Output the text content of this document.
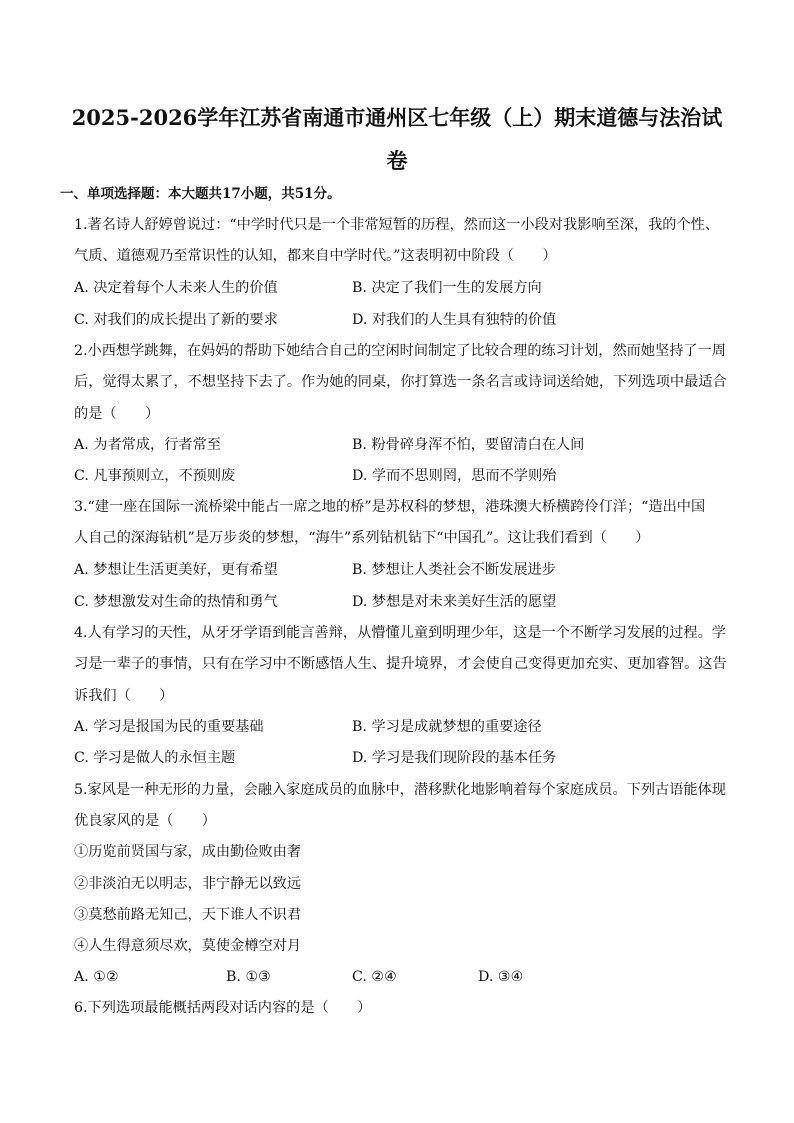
2025-2026学年江苏省南通市通州区七年级（上）期末道德与法治试
卷
一、单项选择题：本大题共17小题，共51分。
1.著名诗人舒婷曾说过：“中学时代只是一个非常短暂的历程，然而这一小段对我影响至深，我的个性、
气质、道德观乃至常识性的认知，都来自中学时代。”这表明初中阶段（　　）
A. 决定着每个人未来人生的价值	B. 决定了我们一生的发展方向
C. 对我们的成长提出了新的要求	D. 对我们的人生具有独特的价值
2.小西想学跳舞，在妈妈的帮助下她结合自己的空闲时间制定了比较合理的练习计划，然而她坚持了一周
后，觉得太累了，不想坚持下去了。作为她的同桌，你打算选一条名言或诗词送给她，下列选项中最适合
的是（　　）
A. 为者常成，行者常至	B. 粉骨碎身浑不怕，要留清白在人间
C. 凡事预则立，不预则废	D. 学而不思则罔，思而不学则殆
3.“建一座在国际一流桥梁中能占一席之地的桥”是苏权科的梦想，港珠澳大桥横跨伶仃洋；“造出中国
人自己的深海钻机”是万步炎的梦想，“海牛”系列钻机钻下“中国孔”。这让我们看到（　　）
A. 梦想让生活更美好，更有希望	B. 梦想让人类社会不断发展进步
C. 梦想激发对生命的热情和勇气	D. 梦想是对未来美好生活的愿望
4.人有学习的天性，从牙牙学语到能言善辩，从懵懂儿童到明理少年，这是一个不断学习发展的过程。学
习是一辈子的事情，只有在学习中不断感悟人生、提升境界，才会使自己变得更加充实、更加睿智。这告
诉我们（　　）
A. 学习是报国为民的重要基础	B. 学习是成就梦想的重要途径
C. 学习是做人的永恒主题	D. 学习是我们现阶段的基本任务
5.家风是一种无形的力量，会融入家庭成员的血脉中，潜移默化地影响着每个家庭成员。下列古语能体现
优良家风的是（　　）
①历览前贤国与家，成由勤俭败由奢
②非淡泊无以明志，非宁静无以致远
③莫愁前路无知己，天下谁人不识君
④人生得意须尽欢，莫使金樽空对月
A. ①②	B. ①③	C. ②④	D. ③④
6.下列选项最能概括两段对话内容的是（　　）
